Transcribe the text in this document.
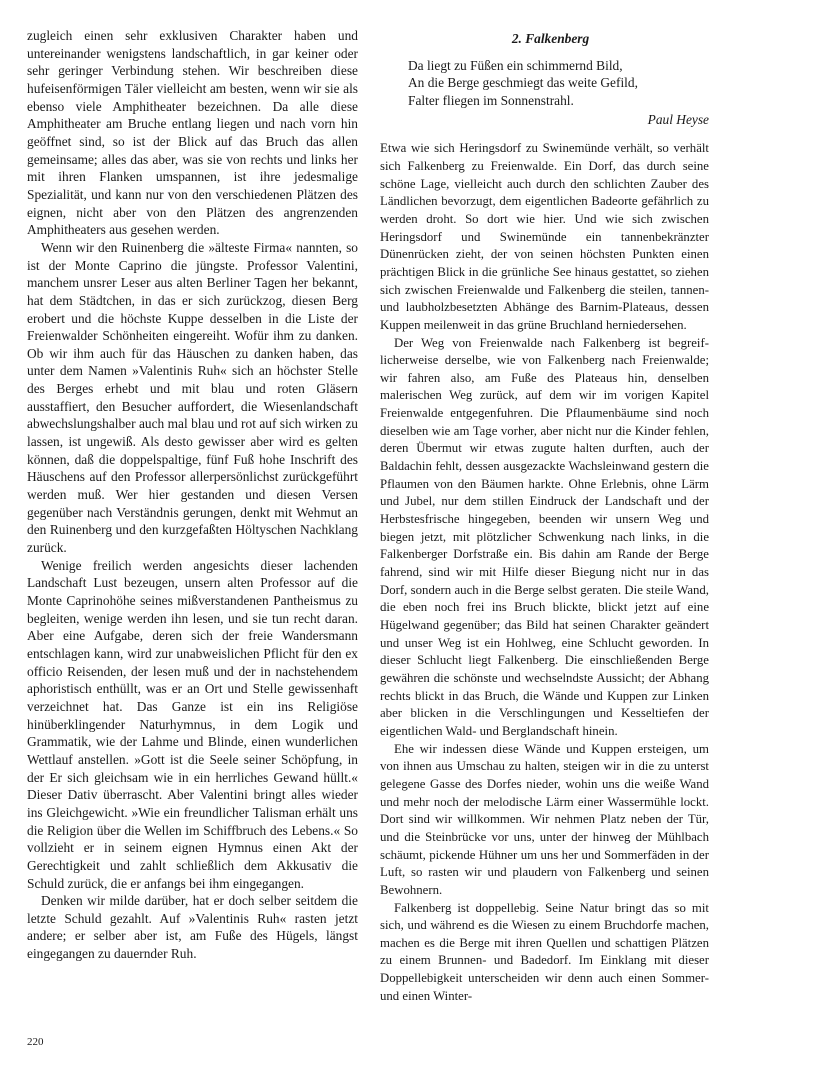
zugleich einen sehr exklusiven Charakter haben und untereinander wenigstens landschaftlich, in gar keiner oder sehr geringer Verbindung stehen. Wir beschreiben diese hufeisenförmigen Täler vielleicht am besten, wenn wir sie als ebenso viele Amphitheater bezeichnen. Da alle diese Amphitheater am Bruche entlang liegen und nach vorn hin geöffnet sind, so ist der Blick auf das Bruch das allen gemeinsame; alles das aber, was sie von rechts und links her mit ihren Flanken umspannen, ist ihre jedesmalige Spezialität, und kann nur von den verschiedenen Plätzen des eignen, nicht aber von den Plätzen des angrenzenden Amphitheaters aus gesehen werden.

Wenn wir den Ruinenberg die »älteste Firma« nannten, so ist der Monte Caprino die jüngste. Professor Valentini, manchem unsrer Leser aus alten Berliner Tagen her bekannt, hat dem Städtchen, in das er sich zurückzog, diesen Berg erobert und die höchste Kuppe desselben in die Liste der Freienwalder Schönheiten eingereiht. Wofür ihm zu danken. Ob wir ihm auch für das Häuschen zu danken haben, das unter dem Namen »Valentinis Ruh« sich an höchster Stelle des Berges erhebt und mit blau und roten Gläsern ausstaffiert, den Besucher auffordert, die Wiesenlandschaft abwechslungshalber auch mal blau und rot auf sich wirken zu lassen, ist ungewiß. Als desto gewisser aber wird es gelten können, daß die doppelspaltige, fünf Fuß hohe Inschrift des Häuschens auf den Professor allerpersönlichst zurückgeführt werden muß. Wer hier gestanden und diesen Versen gegenüber nach Verständnis gerungen, denkt mit Wehmut an den Ruinenberg und den kurzgefaßten Höltyschen Nachklang zurück.

Wenige freilich werden angesichts dieser lachenden Landschaft Lust bezeugen, unsern alten Professor auf die Monte Caprinohöhe seines mißverstandenen Pantheismus zu begleiten, wenige werden ihn lesen, und sie tun recht daran. Aber eine Aufgabe, deren sich der freie Wandersmann entschlagen kann, wird zur unabweislichen Pflicht für den ex officio Reisenden, der lesen muß und der in nachstehendem aphoristisch enthüllt, was er an Ort und Stelle gewissenhaft verzeichnet hat. Das Ganze ist ein ins Religiöse hinüberklingender Naturhymnus, in dem Logik und Grammatik, wie der Lahme und Blinde, einen wunderlichen Wettlauf anstellen. »Gott ist die Seele seiner Schöpfung, in der Er sich gleichsam wie in ein herrliches Gewand hüllt.« Dieser Dativ überrascht. Aber Valentini bringt alles wieder ins Gleichgewicht. »Wie ein freundlicher Talisman erhält uns die Religion über die Wellen im Schiffbruch des Lebens.« So vollzieht er in seinem eignen Hymnus einen Akt der Gerechtigkeit und zahlt schließlich dem Akkusativ die Schuld zurück, die er anfangs bei ihm eingegangen.

Denken wir milde darüber, hat er doch selber seitdem die letzte Schuld gezahlt. Auf »Valentinis Ruh« rasten jetzt andere; er selber aber ist, am Fuße des Hügels, längst eingegangen zu dauernder Ruh.

2. Falkenberg
Da liegt zu Füßen ein schimmernd Bild,
An die Berge geschmiegt das weite Gefild,
Falter fliegen im Sonnenstrahl.
Paul Heyse

Etwa wie sich Heringsdorf zu Swinemünde verhält, so verhält sich Falkenberg zu Freienwalde. Ein Dorf, das durch seine schöne Lage, vielleicht auch durch den schlichten Zauber des Ländlichen bevorzugt, dem eigentlichen Badeorte gefährlich zu werden droht. So dort wie hier. Und wie sich zwischen Heringsdorf und Swinemünde ein tannenbekränzter Dünenrücken zieht, der von seinen höchsten Punkten einen prächtigen Blick in die grünliche See hinaus gestattet, so ziehen sich zwischen Freienwalde und Falkenberg die steilen, tannen- und laubholzbesetzten Abhänge des Barnim-Plateaus, dessen Kuppen meilenweit in das grüne Bruchland herniedersehen.

Der Weg von Freienwalde nach Falkenberg ist begreiflicherweise derselbe, wie von Falkenberg nach Freienwalde; wir fahren also, am Fuße des Plateaus hin, denselben malerischen Weg zurück, auf dem wir im vorigen Kapitel Freienwalde entgegenfuhren. Die Pflaumenbäume sind noch dieselben wie am Tage vorher, aber nicht nur die Kinder fehlen, deren Übermut wir etwas zugute halten durften, auch der Baldachin fehlt, dessen ausgezackte Wachsleinwand gestern die Pflaumen von den Bäumen harkte. Ohne Erlebnis, ohne Lärm und Jubel, nur dem stillen Eindruck der Landschaft und der Herbstesfrische hingegeben, beenden wir unsern Weg und biegen jetzt, mit plötzlicher Schwenkung nach links, in die Falkenberger Dorfstraße ein. Bis dahin am Rande der Berge fahrend, sind wir mit Hilfe dieser Biegung nicht nur in das Dorf, sondern auch in die Berge selbst geraten. Die steile Wand, die eben noch frei ins Bruch blickte, blickt jetzt auf eine Hügelwand gegenüber; das Bild hat seinen Charakter geändert und unser Weg ist ein Hohlweg, eine Schlucht geworden. In dieser Schlucht liegt Falkenberg. Die einschließenden Berge gewähren die schönste und wechselndste Aussicht; der Abhang rechts blickt in das Bruch, die Wände und Kuppen zur Linken aber blicken in die Verschlingungen und Kesseltiefen der eigentlichen Wald- und Berglandschaft hinein.

Ehe wir indessen diese Wände und Kuppen ersteigen, um von ihnen aus Umschau zu halten, steigen wir in die zu unterst gelegene Gasse des Dorfes nieder, wohin uns die weiße Wand und mehr noch der melodische Lärm einer Wassermühle lockt. Dort sind wir willkommen. Wir nehmen Platz neben der Tür, und die Steinbrücke vor uns, unter der hinweg der Mühlbach schäumt, pickende Hühner um uns her und Sommerfäden in der Luft, so rasten wir und plaudern von Falkenberg und seinen Bewohnern.

Falkenberg ist doppellebig. Seine Natur bringt das so mit sich, und während es die Wiesen zu einem Bruchdorfe machen, machen es die Berge mit ihren Quellen und schattigen Plätzen zu einem Brunnen- und Badedorf. Im Einklang mit dieser Doppellebigkeit unterscheiden wir denn auch einen Sommer- und einen Winter-

220
